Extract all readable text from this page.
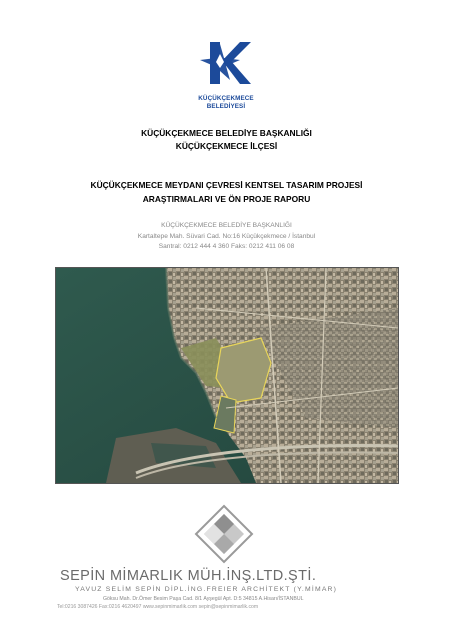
KÜÇÜKÇEKMECE
BELEDİYESİ
KÜÇÜKÇEKMECE BELEDİYE BAŞKANLIĞI
KÜÇÜKÇEKMECE İLÇESİ
KÜÇÜKÇEKMECE MEYDANI ÇEVRESİ KENTSEL TASARIM PROJESİ
ARAŞTIRMALARI VE ÖN PROJE RAPORU
KÜÇÜKÇEKMECE BELEDİYE BAŞKANLIĞI
Kartaltepe Mah. Süvari Cad. No:16 Küçükçekmece / İstanbul
Santral: 0212 444 4 360 Faks: 0212 411 06 08
SEPİN MİMARLIK MÜH.İNŞ.LTD.ŞTİ.
YAVUZ SELİM SEPİN DİPL.İNG.FREIER ARCHİTEKT (Y.MİMAR)
Göksu Mah. Dr.Ömer Besim Paşa Cad. 8/1 Ayşegül Apt. D:5 34815 A.Hisarı/İSTANBUL
Tel:0216 3087426 Fax:0216 4620497 www.sepinmimarlik.com sepin@sepinmimarlik.com
